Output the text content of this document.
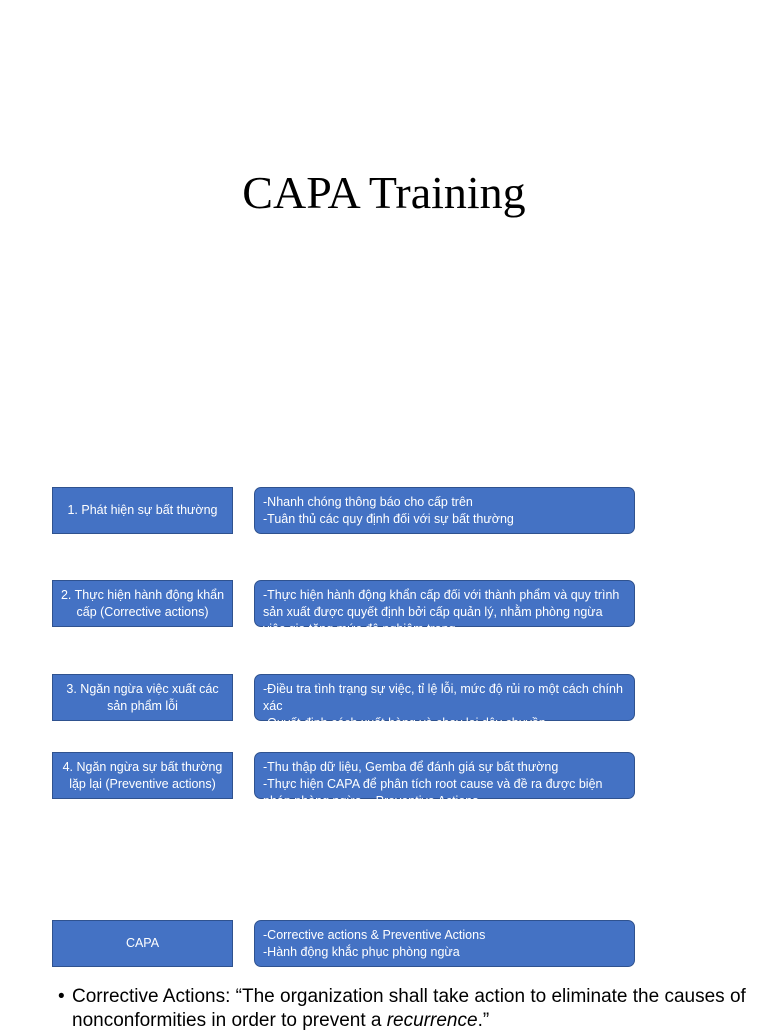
CAPA Training
1. Phát hiện sự bất thường
-Nhanh chóng thông báo cho cấp trên
-Tuân thủ các quy định đối với sự bất thường
2. Thực hiện hành động khẩn cấp (Corrective actions)
-Thực hiện hành động khẩn cấp đối với thành phẩm và quy trình sản xuất được quyết định bởi cấp quản lý, nhằm phòng ngừa việc gia tăng mức độ nghiêm trong
3. Ngăn ngừa việc xuất các sản phẩm lỗi
-Điều tra tình trạng sự việc, tỉ lệ lỗi, mức độ rủi ro một cách chính xác
-Quyết định cách xuất hàng và chạy lại dây chuyền
4. Ngăn ngừa sự bất thường lặp lại (Preventive actions)
-Thu thập dữ liệu, Gemba để đánh giá sự bất thường
-Thực hiện CAPA để phân tích root cause và đề ra được biện pháp phòng ngừa – Preventive Actions
CAPA
-Corrective actions & Preventive Actions
-Hành động khắc phục phòng ngừa
• Corrective Actions: “The organization shall take action to eliminate the causes of nonconformities in order to prevent a recurrence.”
